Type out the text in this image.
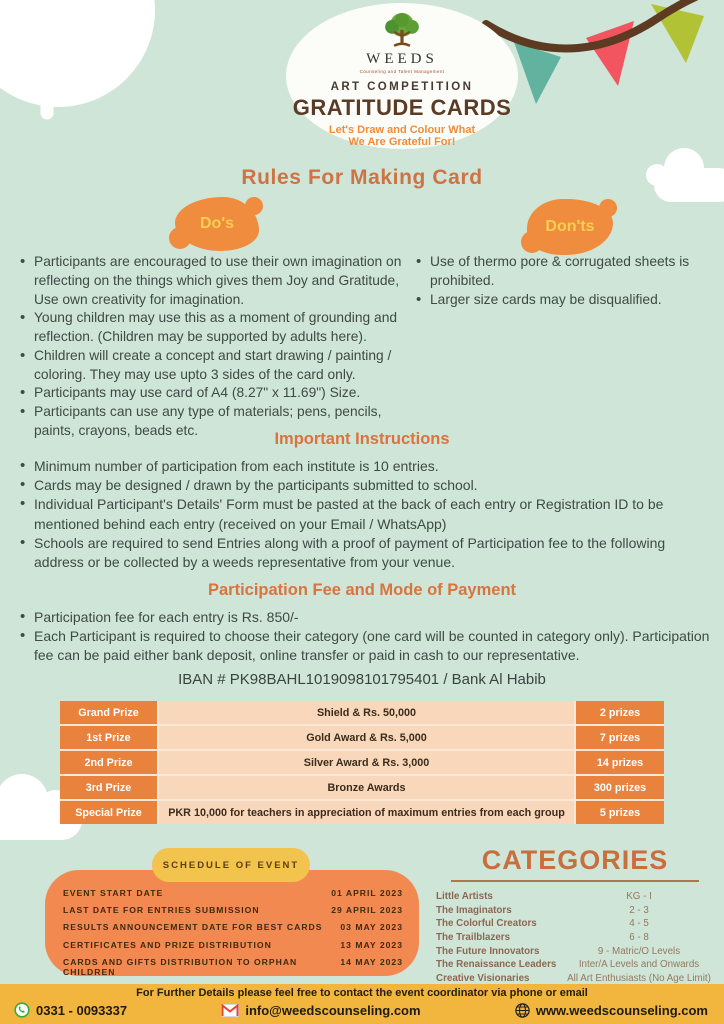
WEEDS
Counseling and Talent Management
ART COMPETITION
GRATITUDE CARDS
Let's Draw and Colour What
We Are Grateful For!
Rules For Making Card
Do's	Don'ts
• Participants are encouraged to use their own imagination on reflecting on the things which gives them Joy and Gratitude, Use own creativity for imagination.
• Young children may use this as a moment of grounding and reflection. (Children may be supported by adults here).
• Children will create a concept and start drawing / painting / coloring. They may use upto 3 sides of the card only.
• Participants may use card of A4 (8.27" x 11.69") Size.
• Participants can use any type of materials; pens, pencils, paints, crayons, beads etc.
• Use of thermo pore & corrugated sheets is prohibited.
• Larger size cards may be disqualified.
Important Instructions
• Minimum number of participation from each institute is 10 entries.
• Cards may be designed / drawn by the participants submitted to school.
• Individual Participant's Details' Form must be pasted at the back of each entry or Registration ID to be mentioned behind each entry (received on your Email / WhatsApp)
• Schools are required to send Entries along with a proof of payment of Participation fee to the following address or be collected by a weeds representative from your venue.
Participation Fee and Mode of Payment
• Participation fee for each entry is Rs. 850/-
• Each Participant is required to choose their category (one card will be counted in category only). Participation fee can be paid either bank deposit, online transfer or paid in cash to our representative.
IBAN # PK98BAHL1019098101795401 / Bank Al Habib
Grand Prize	Shield & Rs. 50,000	2 prizes
1st Prize	Gold Award & Rs. 5,000	7 prizes
2nd Prize	Silver Award & Rs. 3,000	14 prizes
3rd Prize	Bronze Awards	300 prizes
Special Prize	PKR 10,000 for teachers in appreciation of maximum entries from each group	5 prizes
SCHEDULE OF EVENT
EVENT START DATE	01 APRIL 2023
LAST DATE FOR ENTRIES SUBMISSION	29 APRIL 2023
RESULTS ANNOUNCEMENT DATE FOR BEST CARDS 03 MAY 2023
CERTIFICATES AND PRIZE DISTRIBUTION	13 MAY 2023
CARDS AND GIFTS DISTRIBUTION TO ORPHAN CHILDREN
14 MAY 2023
CATEGORIES
Little Artists	KG - I
The Imaginators	2 - 3
The Colorful Creators	4 - 5
The Trailblazers	6 - 8
The Future Innovators	9 - Matric/O Levels
The Renaissance Leaders	Inter/A Levels and Onwards
Creative Visionaries	All Art Enthusiasts (No Age Limit)
For Further Details please feel free to contact the event coordinator via phone or email
0331 - 0093337	info@weedscounseling.com	www.weedscounseling.com
